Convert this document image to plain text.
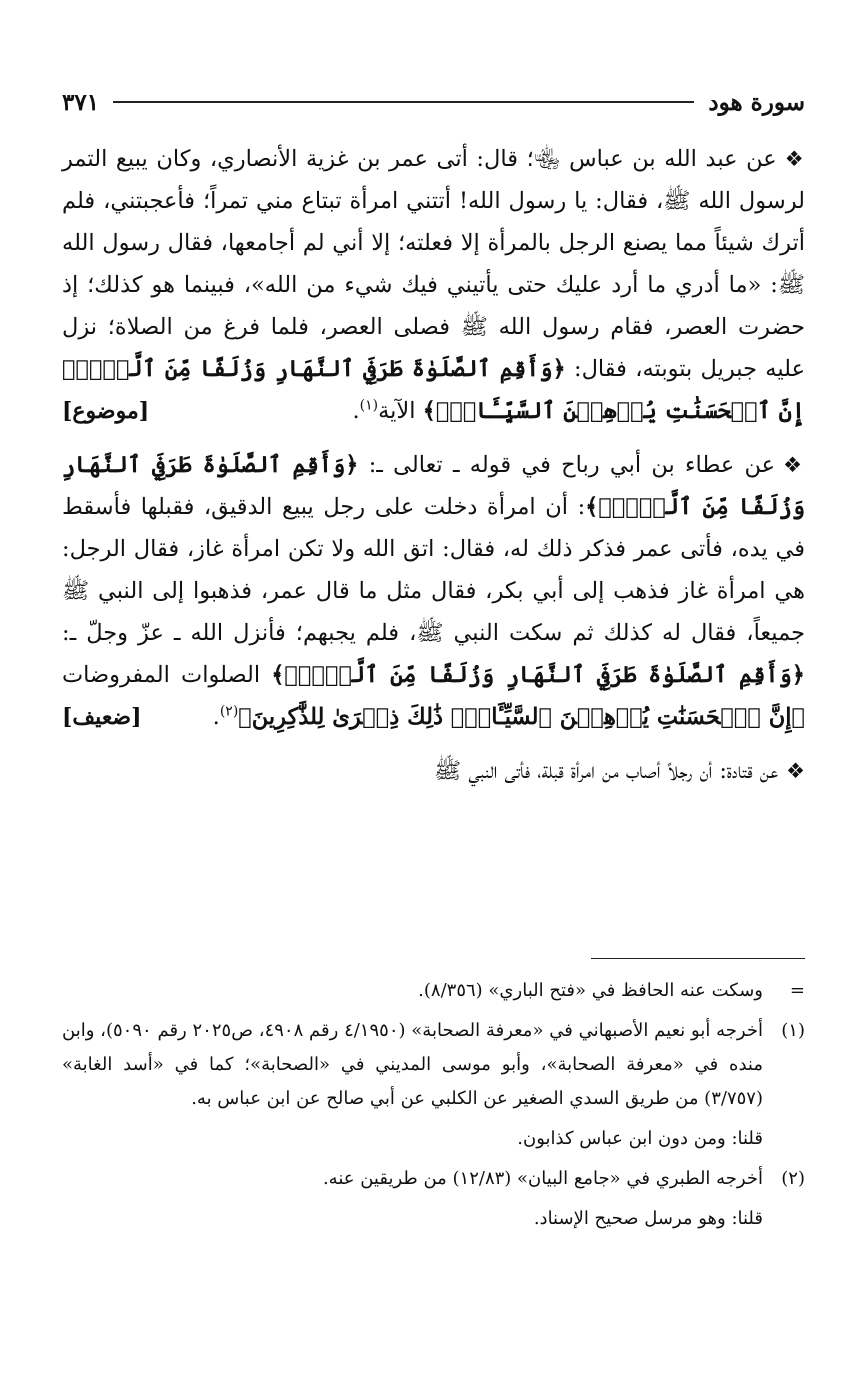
سورة هود
٣٧١

❖عن عبد الله بن عباس ﵄؛ قال: أتى عمر بن غزية الأنصاري، وكان يبيع التمر لرسول الله ﷺ، فقال: يا رسول الله! أتتني امرأة تبتاع مني تمراً؛ فأعجبتني، فلم أترك شيئاً مما يصنع الرجل بالمرأة إلا فعلته؛ إلا أني لم أجامعها، فقال رسول الله ﷺ: «ما أدري ما أرد عليك حتى يأتيني فيك شيء من الله»، فبينما هو كذلك؛ إذ حضرت العصر، فقام رسول الله ﷺ فصلى العصر، فلما فرغ من الصلاة؛ نزل عليه جبريل بتوبته، فقال: ﴿وَأَقِمِ ٱلصَّلَوٰةَ طَرَفَيِ ٱلنَّهَارِ وَزُلَفًا مِّنَ ٱلَّيۡلِۚ إِنَّ ٱلۡحَسَنَٰتِ يُذۡهِبۡنَ ٱلسَّيِّـَٔاتِۚ﴾ الآية$^{(١)}$.
[موضوع]

❖عن عطاء بن أبي رباح في قوله ـ تعالى ـ: ﴿وَأَقِمِ ٱلصَّلَوٰةَ طَرَفَيِ ٱلنَّهَارِ وَزُلَفًا مِّنَ ٱلَّيۡلِۚ﴾: أن امرأة دخلت على رجل يبيع الدقيق، فقبلها فأسقط في يده، فأتى عمر فذكر ذلك له، فقال: اتق الله ولا تكن امرأة غاز، فقال الرجل: هي امرأة غاز فذهب إلى أبي بكر، فقال مثل ما قال عمر، فذهبوا إلى النبي ﷺ جميعاً، فقال له كذلك ثم سكت النبي ﷺ، فلم يجبهم؛ فأنزل الله ـ عزّ وجلّ ـ: ﴿وَأَقِمِ ٱلصَّلَوٰةَ طَرَفَيِ ٱلنَّهَارِ وَزُلَفًا مِّنَ ٱلَّيۡلِۚ﴾ الصلوات المفروضات ﴿إِنَّ ٱلۡحَسَنَٰتِ يُذۡهِبۡنَ ٱلسَّيِّـَٔاتِۚ ذَٰلِكَ ذِكۡرَىٰ لِلذَّٰكِرِينَ﴾$^{(٢)}$.
[ضعيف]

❖عن قتادة: أن رجلاً أصاب من امرأة قبلة، فأتى النبي ﷺ

=
وسكت عنه الحافظ في «فتح الباري» (٨/٣٥٦).
(١)
أخرجه أبو نعيم الأصبهاني في «معرفة الصحابة» (٤/١٩٥٠ رقم ٤٩٠٨، ص٢٠٢٥ رقم ٥٠٩٠)، وابن منده في «معرفة الصحابة»، وأبو موسى المديني في «الصحابة»؛ كما في «أسد الغابة» (٣/٧٥٧) من طريق السدي الصغير عن الكلبي عن أبي صالح عن ابن عباس به.
قلنا: ومن دون ابن عباس كذابون.
(٢)
أخرجه الطبري في «جامع البيان» (١٢/٨٣) من طريقين عنه.
قلنا: وهو مرسل صحيح الإسناد.
